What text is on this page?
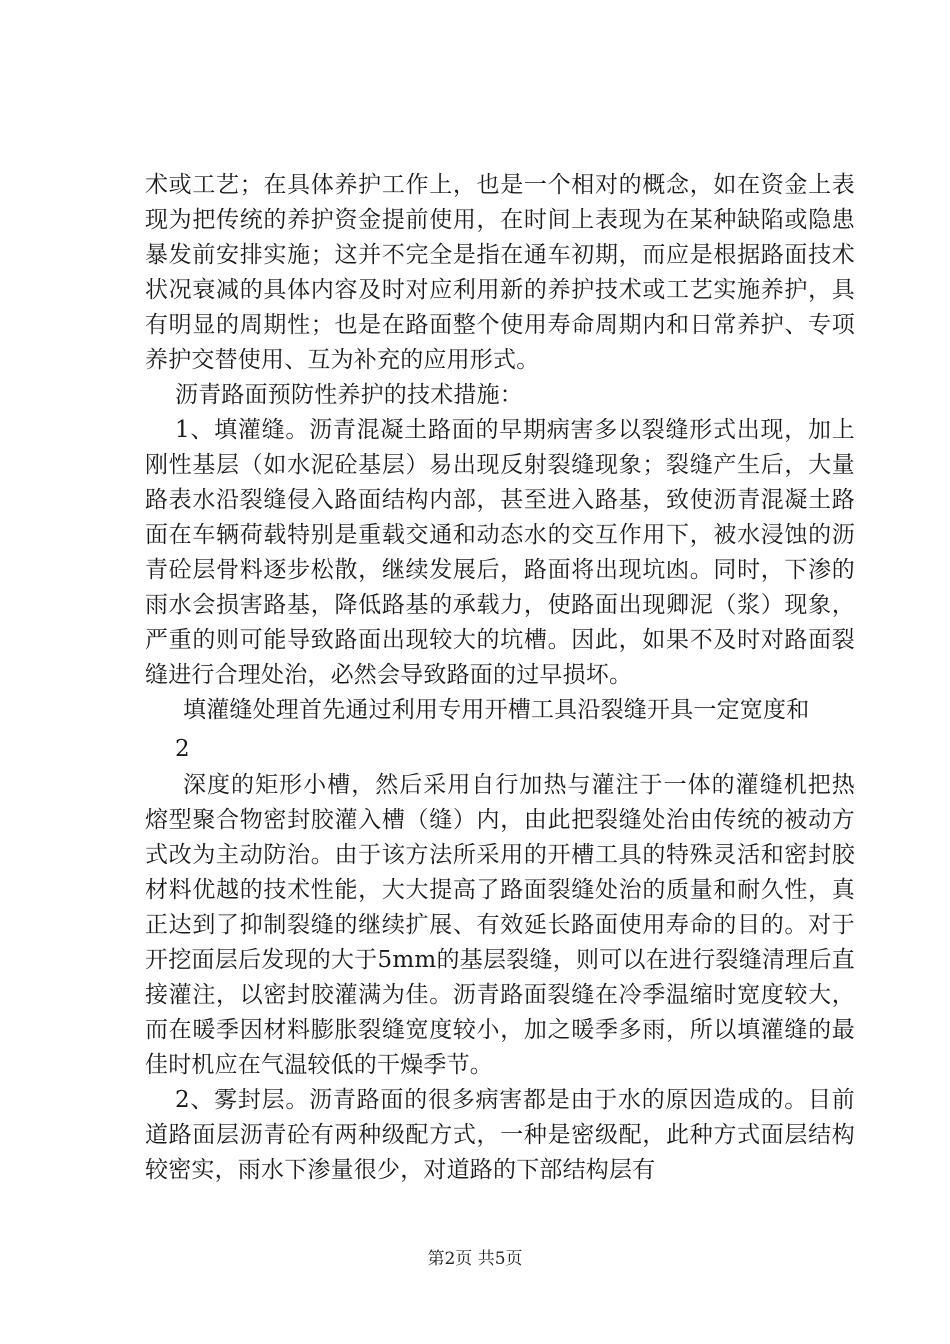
术或工艺；在具体养护工作上，也是一个相对的概念，如在资金上表现为把传统的养护资金提前使用，在时间上表现为在某种缺陷或隐患暴发前安排实施；这并不完全是指在通车初期，而应是根据路面技术状况衰减的具体内容及时对应利用新的养护技术或工艺实施养护，具有明显的周期性；也是在路面整个使用寿命周期内和日常养护、专项养护交替使用、互为补充的应用形式。

沥青路面预防性养护的技术措施：

1、填灌缝。沥青混凝土路面的早期病害多以裂缝形式出现，加上刚性基层（如水泥砼基层）易出现反射裂缝现象；裂缝产生后，大量路表水沿裂缝侵入路面结构内部，甚至进入路基，致使沥青混凝土路面在车辆荷载特别是重载交通和动态水的交互作用下，被水浸蚀的沥青砼层骨料逐步松散，继续发展后，路面将出现坑凼。同时，下渗的雨水会损害路基，降低路基的承载力，使路面出现卿泥（浆）现象，严重的则可能导致路面出现较大的坑槽。因此，如果不及时对路面裂缝进行合理处治，必然会导致路面的过早损坏。

填灌缝处理首先通过利用专用开槽工具沿裂缝开具一定宽度和

2

深度的矩形小槽，然后采用自行加热与灌注于一体的灌缝机把热熔型聚合物密封胶灌入槽（缝）内，由此把裂缝处治由传统的被动方式改为主动防治。由于该方法所采用的开槽工具的特殊灵活和密封胶材料优越的技术性能，大大提高了路面裂缝处治的质量和耐久性，真正达到了抑制裂缝的继续扩展、有效延长路面使用寿命的目的。对于开挖面层后发现的大于5mm的基层裂缝，则可以在进行裂缝清理后直接灌注，以密封胶灌满为佳。沥青路面裂缝在冷季温缩时宽度较大，而在暖季因材料膨胀裂缝宽度较小，加之暖季多雨，所以填灌缝的最佳时机应在气温较低的干燥季节。

2、雾封层。沥青路面的很多病害都是由于水的原因造成的。目前道路面层沥青砼有两种级配方式，一种是密级配，此种方式面层结构较密实，雨水下渗量很少，对道路的下部结构层有

第2页 共5页
